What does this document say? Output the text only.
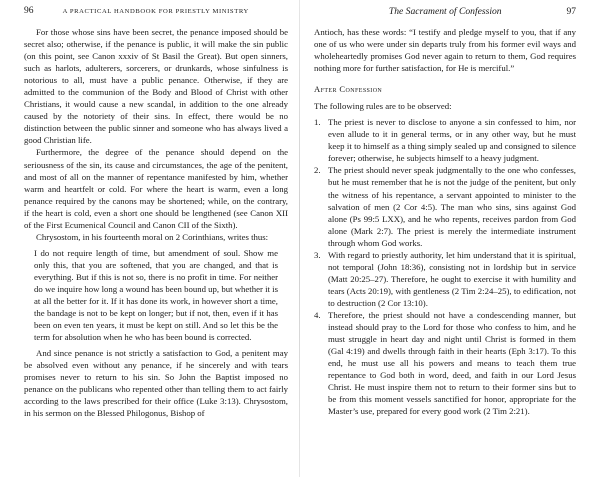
96	A PRACTICAL HANDBOOK FOR PRIESTLY MINISTRY

For those whose sins have been secret, the penance imposed should be secret also; otherwise, if the penance is public, it will make the sin public (on this point, see Canon xxxiv of St Basil the Great). But open sinners, such as harlots, adulterers, sorcerers, or drunkards, whose sinfulness is notorious to all, must have a public penance. Otherwise, if they are admitted to the communion of the Body and Blood of Christ with other Christians, it would cause a new scandal, in addition to the one already caused by the notoriety of their sins. In effect, there would be no distinction between the public sinner and someone who has always lived a good Christian life.

Furthermore, the degree of the penance should depend on the seriousness of the sin, its cause and circumstances, the age of the penitent, and most of all on the manner of repentance manifested by him, whether warm and heartfelt or cold. For where the heart is warm, even a long penance required by the canons may be shortened; while, on the contrary, if the heart is cold, even a short one should be lengthened (see Canon XII of the First Ecumenical Council and Canon CII of the Sixth).

Chrysostom, in his fourteenth moral on 2 Corinthians, writes thus:

I do not require length of time, but amendment of soul. Show me only this, that you are softened, that you are changed, and that is everything. But if this is not so, there is no profit in time. For neither do we inquire how long a wound has been bound up, but whether it is at all the better for it. If it has done its work, in however short a time, the bandage is not to be kept on longer; but if not, then, even if it has been on even ten years, it must be kept on still. And so let this be the term for absolution when he who has been bound is corrected.

And since penance is not strictly a satisfaction to God, a penitent may be absolved even without any penance, if he sincerely and with tears promises never to return to his sin. So John the Baptist imposed no penance on the publicans who repented other than telling them to act fairly according to the laws prescribed for their office (Luke 3:13). Chrysostom, in his sermon on the Blessed Philogonus, Bishop of

The Sacrament of Confession	97

Antioch, has these words: “I testify and pledge myself to you, that if any one of us who were under sin departs truly from his former evil ways and wholeheartedly promises God never again to return to them, God requires nothing more for further satisfaction, for He is merciful.”

After Confession

The following rules are to be observed:

1. The priest is never to disclose to anyone a sin confessed to him, nor even allude to it in general terms, or in any other way, but he must keep it to himself as a thing simply sealed up and consigned to silence forever; otherwise, he subjects himself to a heavy judgment.

2. The priest should never speak judgmentally to the one who confesses, but he must remember that he is not the judge of the penitent, but only the witness of his repentance, a servant appointed to minister to the salvation of men (2 Cor 4:5). The man who sins, sins against God alone (Ps 99:5 LXX), and he who repents, receives pardon from God alone (Mark 2:7). The priest is merely the intermediate instrument through whom God works.

3. With regard to priestly authority, let him understand that it is spiritual, not temporal (John 18:36), consisting not in lordship but in service (Matt 20:25–27). Therefore, he ought to exercise it with humility and tears (Acts 20:19), with gentleness (2 Tim 2:24–25), to edification, not to destruction (2 Cor 13:10).

4. Therefore, the priest should not have a condescending manner, but instead should pray to the Lord for those who confess to him, and he must struggle in heart day and night until Christ is formed in them (Gal 4:19) and dwells through faith in their hearts (Eph 3:17). To this end, he must use all his powers and means to teach them true repentance to God both in word, deed, and faith in our Lord Jesus Christ. He must inspire them not to return to their former sins but to be from this moment vessels sanctified for honor, appropriate for the Master’s use, prepared for every good work (2 Tim 2:21).
